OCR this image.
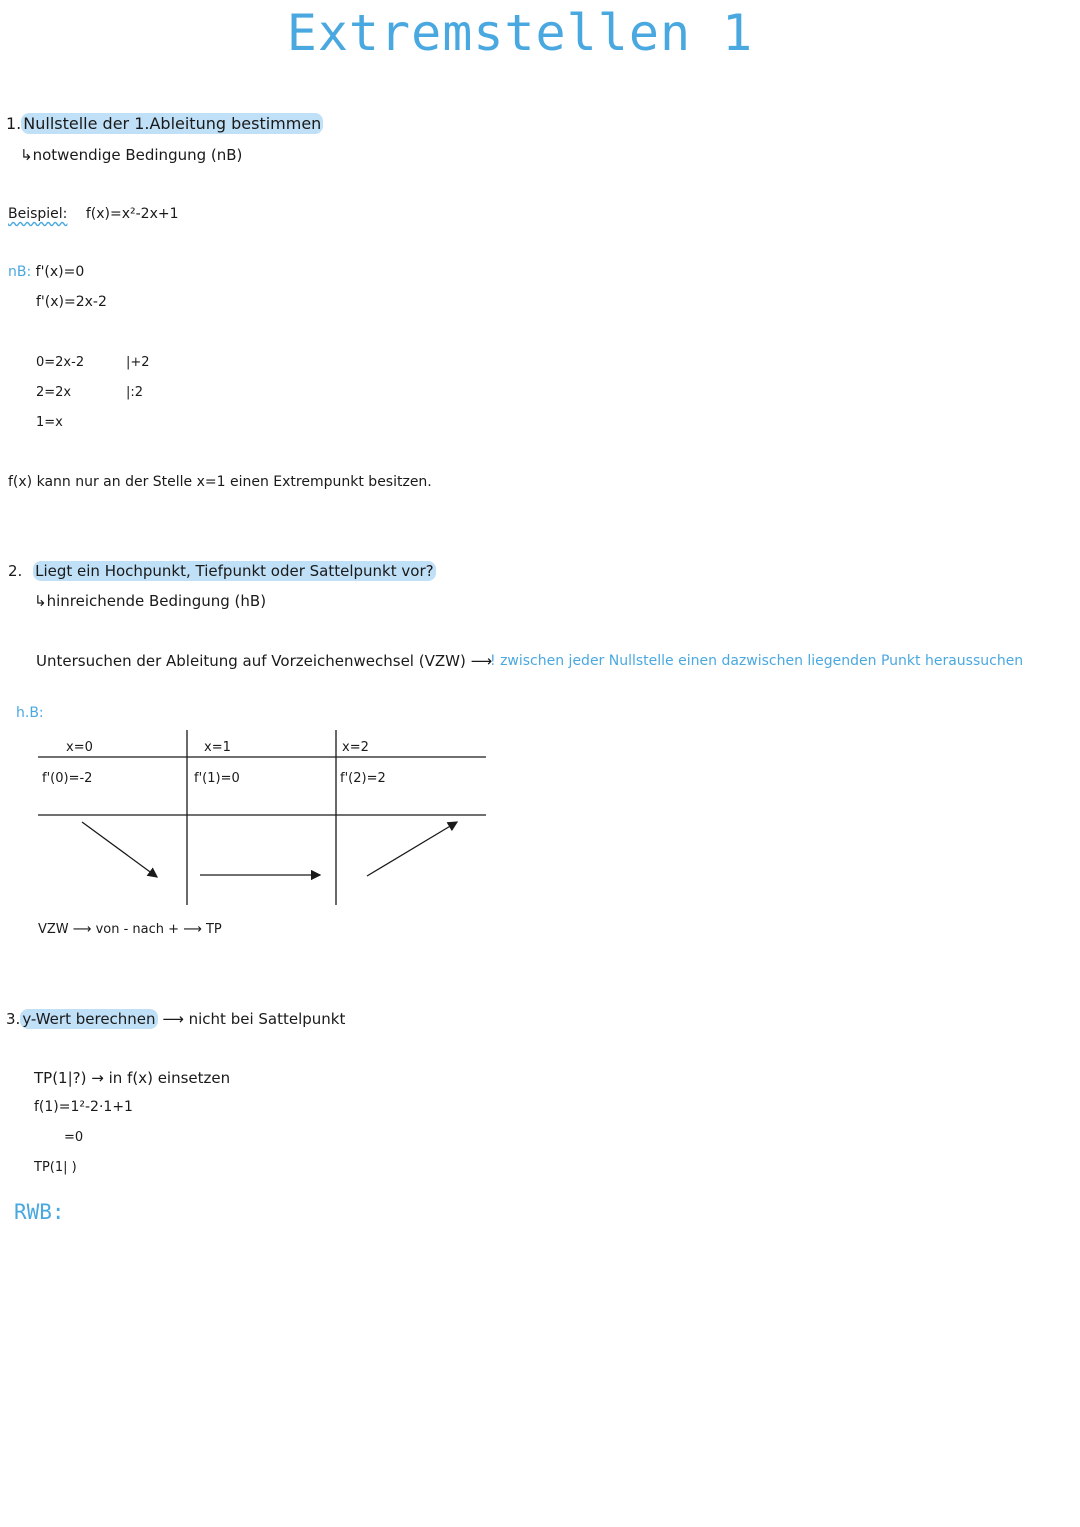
Extremstellen 1
1. Nullstelle der 1.Ableitung bestimmen
↳notwendige Bedingung (nB)
Beispiel: f(x)=x²-2x+1
nB: f'(x)=0
f'(x)=2x-2
0=2x-2	|+2
2=2x	|:2
1=x
f(x) kann nur an der Stelle x=1 einen Extrempunkt besitzen.
2. Liegt ein Hochpunkt, Tiefpunkt oder Sattelpunkt vor?
↳hinreichende Bedingung (hB)
Untersuchen der Ableitung auf Vorzeichenwechsel (VZW) ⟶
! zwischen jeder Nullstelle einen dazwischen liegenden Punkt heraussuchen
h.B:
x=0	x=1	x=2
f'(0)=-2	f'(1)=0	f'(2)=2
VZW ⟶ von - nach + ⟶ TP
3. y-Wert berechnen ⟶ nicht bei Sattelpunkt
TP(1|?) → in f(x) einsetzen
f(1)=1²-2·1+1
=0
TP(1| )
RWB:
